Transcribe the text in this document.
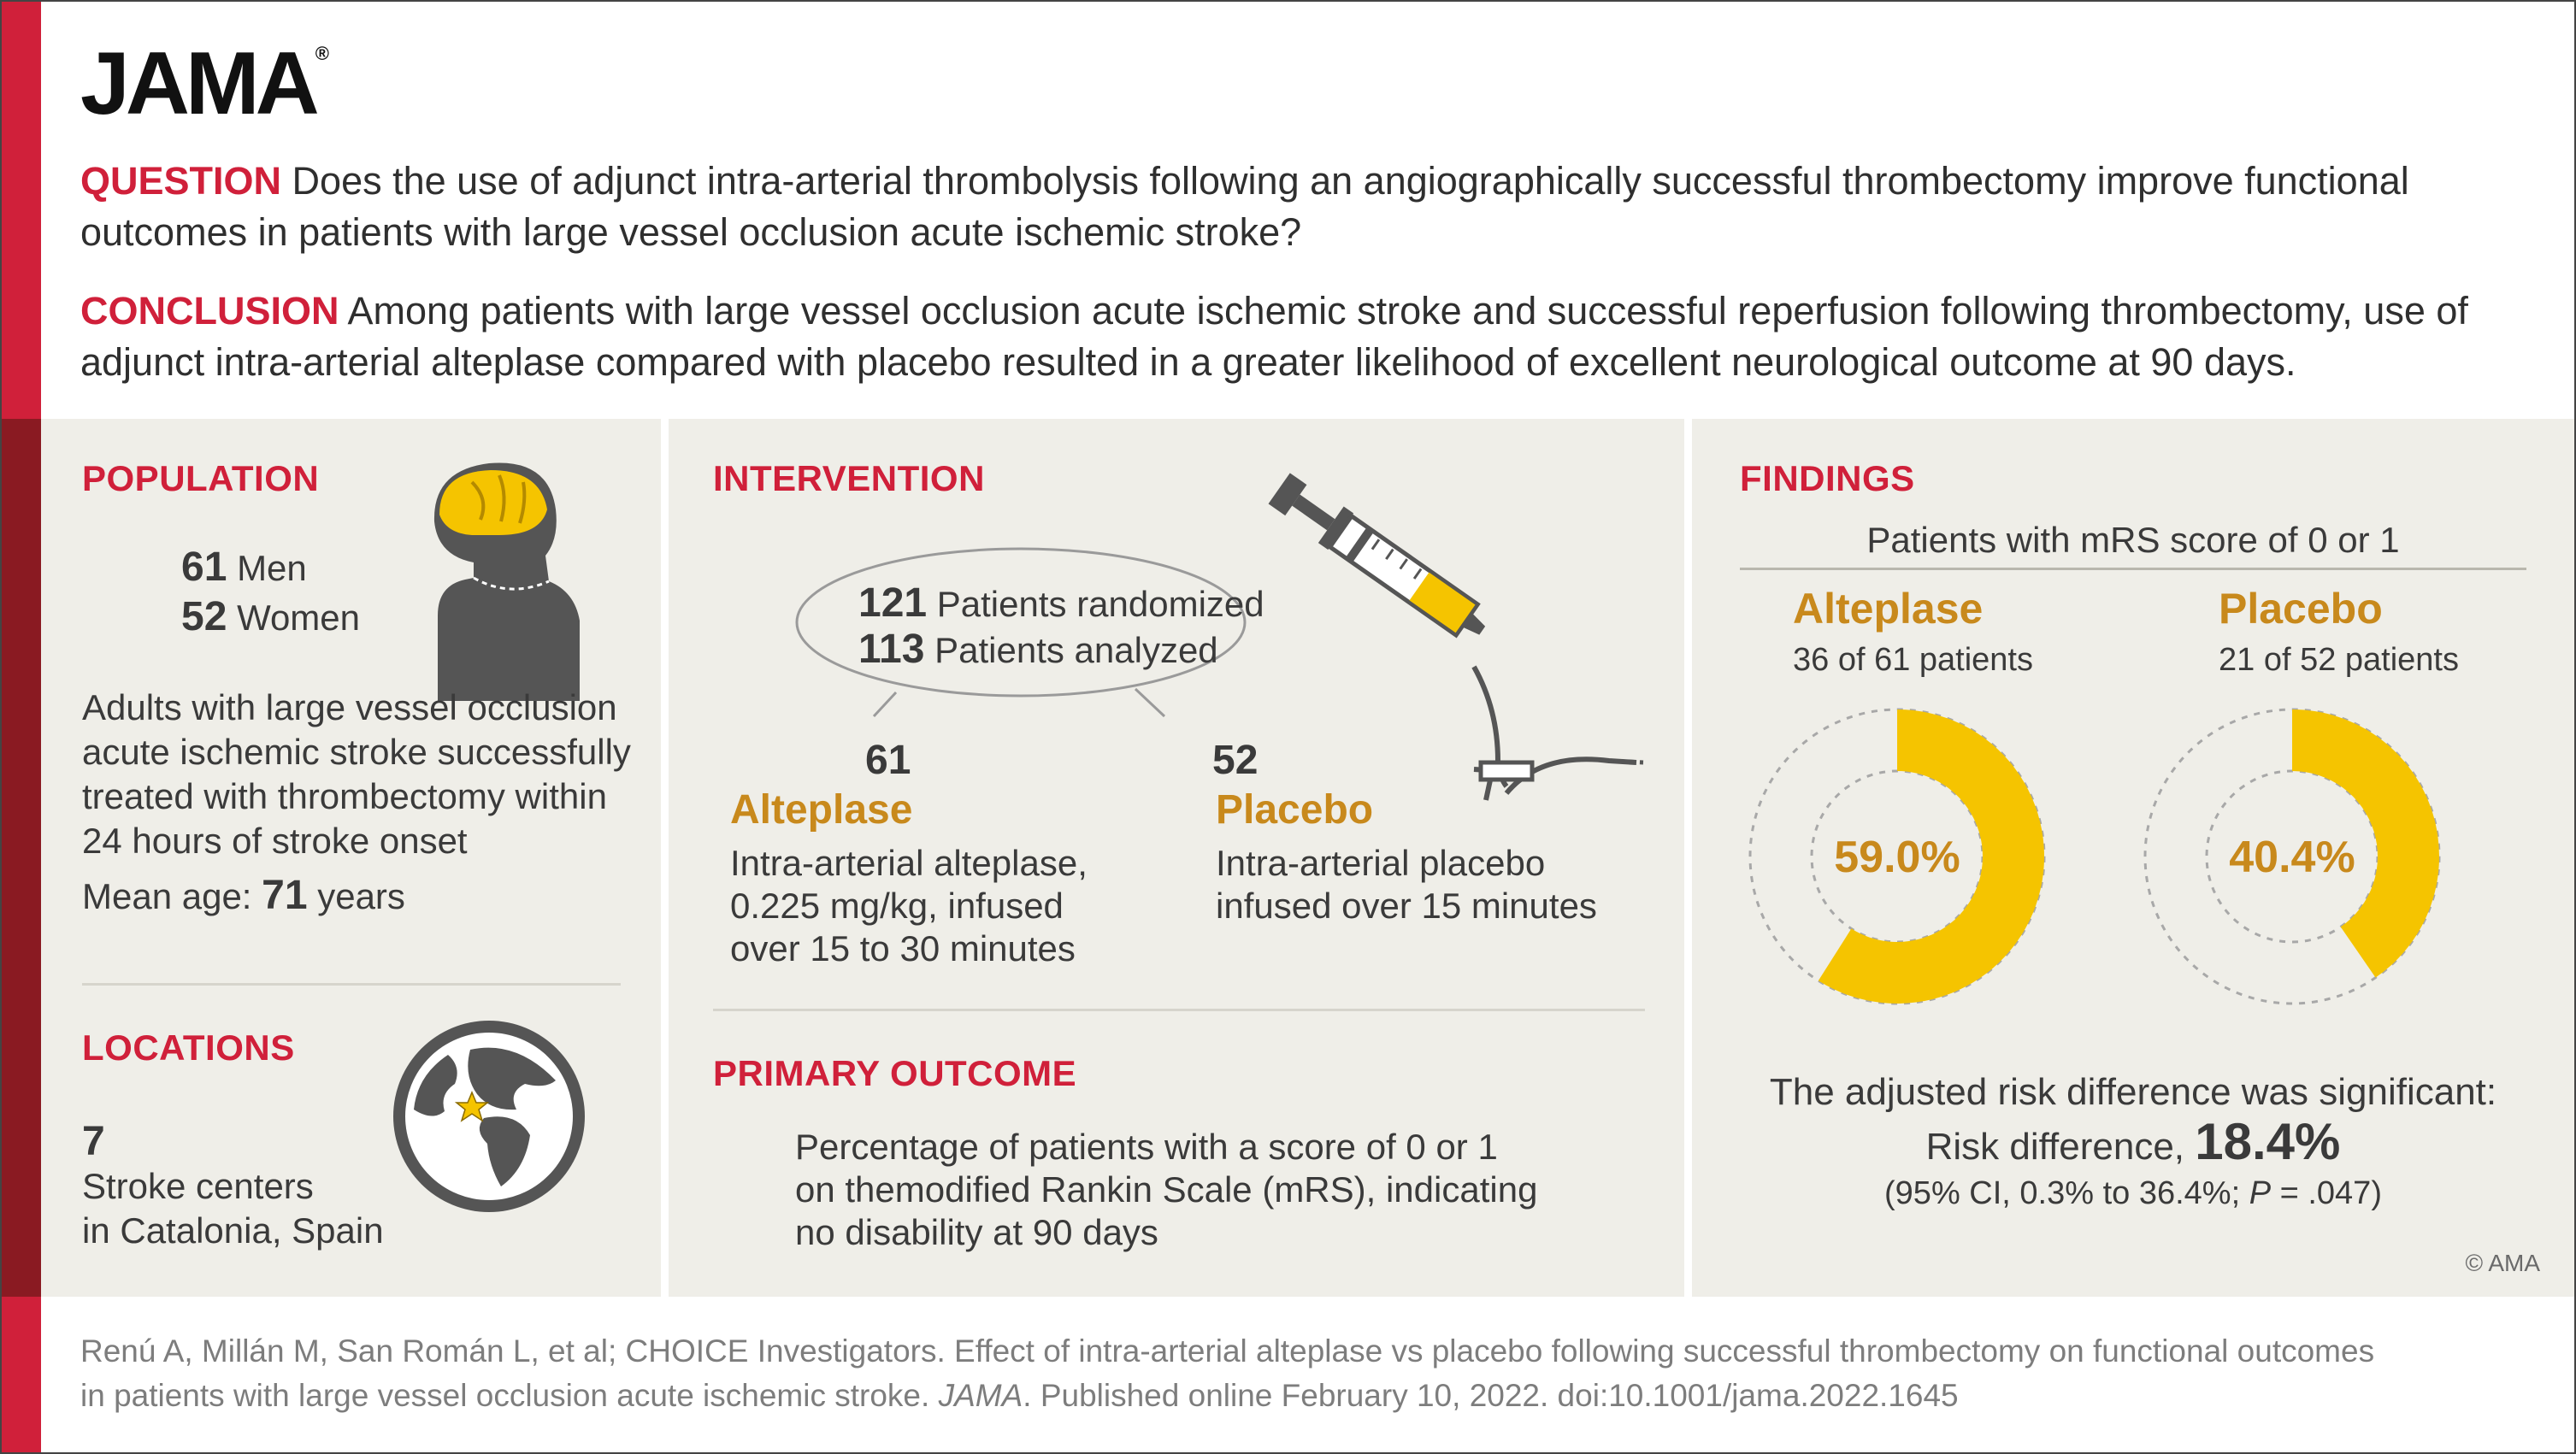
JAMA®
QUESTION Does the use of adjunct intra-arterial thrombolysis following an angiographically successful thrombectomy improve functional outcomes in patients with large vessel occlusion acute ischemic stroke?
CONCLUSION Among patients with large vessel occlusion acute ischemic stroke and successful reperfusion following thrombectomy, use of adjunct intra-arterial alteplase compared with placebo resulted in a greater likelihood of excellent neurological outcome at 90 days.
POPULATION
61 Men
52 Women
Adults with large vessel occlusion acute ischemic stroke successfully treated with thrombectomy within 24 hours of stroke onset
Mean age: 71 years
LOCATIONS
7
Stroke centers
in Catalonia, Spain
INTERVENTION
121 Patients randomized
113 Patients analyzed
61
Alteplase
Intra-arterial alteplase,
0.225 mg/kg, infused
over 15 to 30 minutes
52
Placebo
Intra-arterial placebo
infused over 15 minutes
PRIMARY OUTCOME
Percentage of patients with a score of 0 or 1
on themodified Rankin Scale (mRS), indicating
no disability at 90 days
FINDINGS
Patients with mRS score of 0 or 1
Alteplase
36 of 61 patients
Placebo
21 of 52 patients
59.0%	40.4%
The adjusted risk difference was significant:
Risk difference, 18.4%
(95% CI, 0.3% to 36.4%; P = .047)
© AMA
Renú A, Millán M, San Román L, et al; CHOICE Investigators. Effect of intra-arterial alteplase vs placebo following successful thrombectomy on functional outcomes
in patients with large vessel occlusion acute ischemic stroke. JAMA. Published online February 10, 2022. doi:10.1001/jama.2022.1645
